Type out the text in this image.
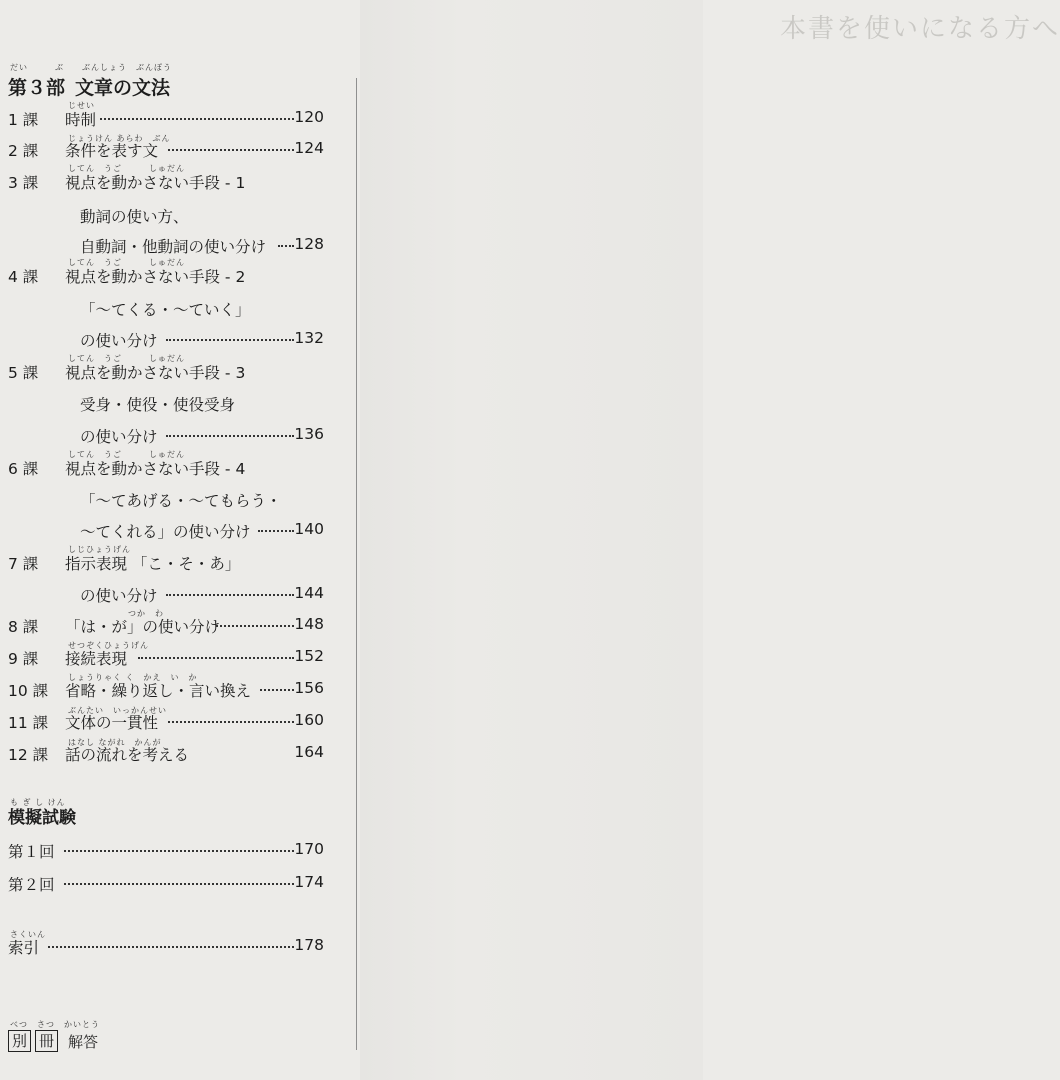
本書を使いになる方へ
だい　　　ぶ ぶんしょう　ぶんぽう
第３部 文章の文法
じせい
1 課 時制	120
じょうけん あらわ　ぶん
2 課 条件を表す文	124
してん　うご　　　しゅだん
3 課 視点を動かさない手段 - 1
動詞の使い方、
自動詞・他動詞の使い分け 128
してん　うご　　　しゅだん
4 課 視点を動かさない手段 - 2
「～てくる・～ていく」
の使い分け	132
してん　うご　　　しゅだん
5 課 視点を動かさない手段 - 3
受身・使役・使役受身
の使い分け	136
してん　うご　　　しゅだん
6 課 視点を動かさない手段 - 4
「～てあげる・～てもらう・
～てくれる」の使い分け	140
しじひょうげん
7 課 指示表現 「こ・そ・あ」
の使い分け	144
つか　わ
8 課 「は・が」の使い分け	148
せつぞくひょうげん
9 課 接続表現	152
しょうりゃく く　かえ　い　か
10 課 省略・繰り返し・言い換え	156
ぶんたい　いっかんせい
11 課 文体の一貫性	160
はなし ながれ　かんが
12 課 話の流れを考える	164
も ぎ し けん
模擬試験
第１回	170
第２回	174
さくいん
索引	178
べつ　さつ　かいとう
別 冊 解答
